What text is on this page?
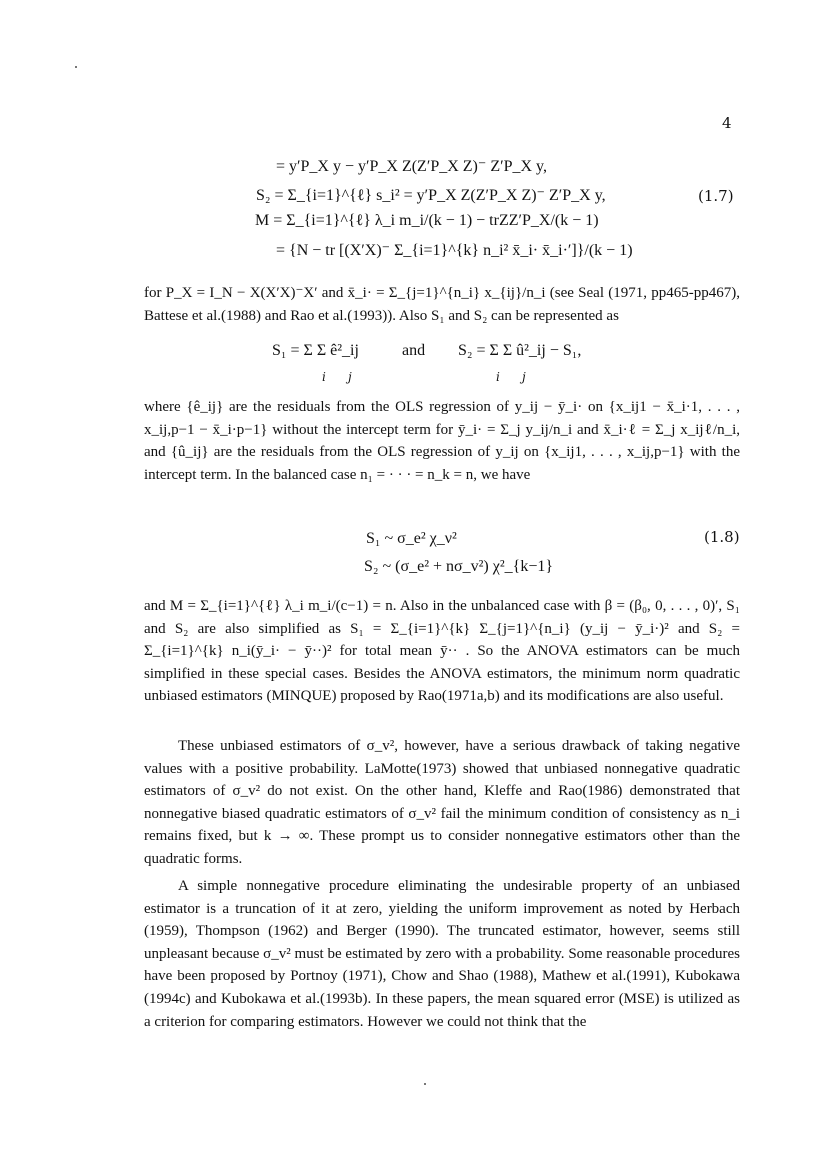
4
= y′P_X y − y′P_X Z(Z′P_X Z)⁻ Z′P_X y,
S₂ = Σ_{i=1}^{ℓ} s_i² = y′P_X Z(Z′P_X Z)⁻ Z′P_X y,	(1.7)
M = Σ_{i=1}^{ℓ} λ_i m_i/(k − 1) − trZZ′P_X/(k − 1)
= {N − tr [(X′X)⁻ Σ_{i=1}^{k} n_i² x̄_i· x̄_i·′]}/(k − 1)

for P_X = I_N − X(X′X)⁻X′ and x̄_i· = Σ_{j=1}^{n_i} x_{ij}/n_i (see Seal (1971, pp465-pp467), Battese et al.(1988) and Rao et al.(1993)). Also S₁ and S₂ can be represented as

S₁ = Σ Σ ê²_ij	and S₂ = Σ Σ û²_ij − S₁,
i j	i j

where {ê_ij} are the residuals from the OLS regression of y_ij − ȳ_i· on {x_ij1 − x̄_i·1, . . . , x_ij,p−1 − x̄_i·p−1} without the intercept term for ȳ_i· = Σ_j y_ij/n_i and x̄_i·ℓ = Σ_j x_ijℓ/n_i, and {û_ij} are the residuals from the OLS regression of y_ij on {x_ij1, . . . , x_ij,p−1} with the intercept term. In the balanced case n₁ = · · · = n_k = n, we have

S₁ ~ σ_e² χ_ν²	(1.8)
S₂ ~ (σ_e² + nσ_v²) χ²_{k−1}

and M = Σ_{i=1}^{ℓ} λ_i m_i/(c−1) = n. Also in the unbalanced case with β = (β₀, 0, . . . , 0)′, S₁ and S₂ are also simplified as S₁ = Σ_{i=1}^{k} Σ_{j=1}^{n_i} (y_ij − ȳ_i·)² and S₂ = Σ_{i=1}^{k} n_i(ȳ_i· − ȳ··)² for total mean ȳ·· . So the ANOVA estimators can be much simplified in these special cases. Besides the ANOVA estimators, the minimum norm quadratic unbiased estimators (MINQUE) proposed by Rao(1971a,b) and its modifications are also useful.

These unbiased estimators of σ_v², however, have a serious drawback of taking negative values with a positive probability. LaMotte(1973) showed that unbiased nonnegative quadratic estimators of σ_v² do not exist. On the other hand, Kleffe and Rao(1986) demonstrated that nonnegative biased quadratic estimators of σ_v² fail the minimum condition of consistency as n_i remains fixed, but k → ∞. These prompt us to consider nonnegative estimators other than the quadratic forms.

A simple nonnegative procedure eliminating the undesirable property of an unbiased estimator is a truncation of it at zero, yielding the uniform improvement as noted by Herbach (1959), Thompson (1962) and Berger (1990). The truncated estimator, however, seems still unpleasant because σ_v² must be estimated by zero with a probability. Some reasonable procedures have been proposed by Portnoy (1971), Chow and Shao (1988), Mathew et al.(1991), Kubokawa (1994c) and Kubokawa et al.(1993b). In these papers, the mean squared error (MSE) is utilized as a criterion for comparing estimators. However we could not think that the
